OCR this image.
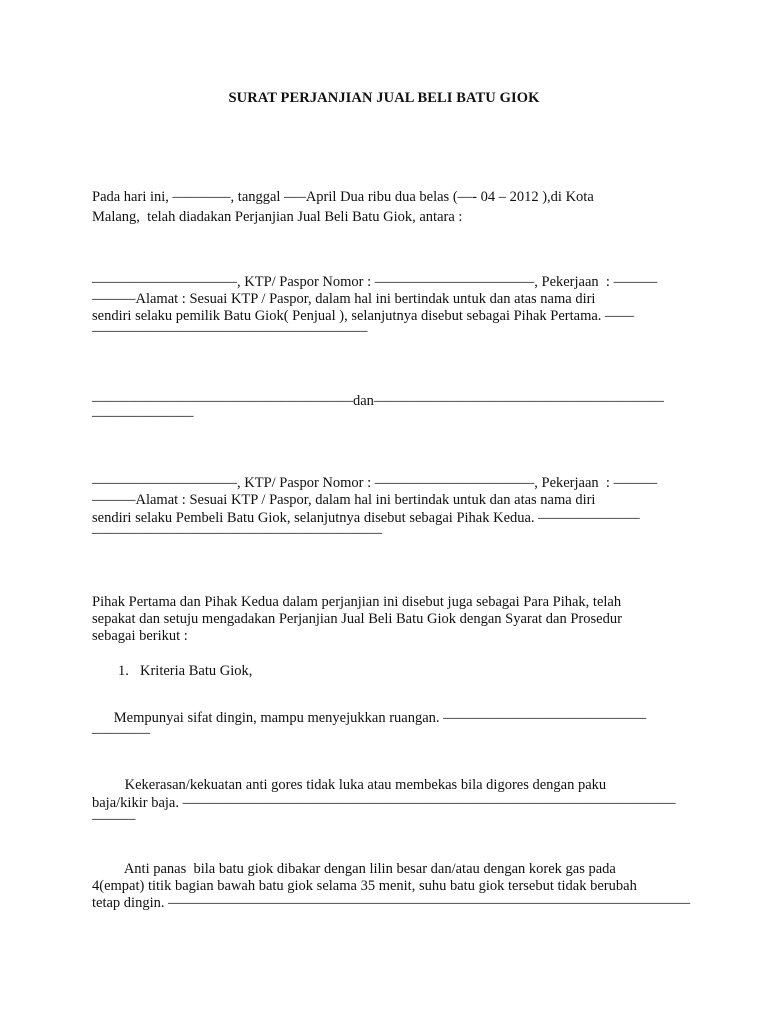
SURAT PERJANJIAN JUAL BELI BATU GIOK
Pada hari ini, ————, tanggal –—April Dua ribu dua belas (—- 04 – 2012 ),di Kota
Malang,  telah diadakan Perjanjian Jual Beli Batu Giok, antara :
——————————, KTP/ Paspor Nomor : ———————————, Pekerjaan  : ———
———Alamat : Sesuai KTP / Paspor, dalam hal ini bertindak untuk dan atas nama diri
sendiri selaku pemilik Batu Giok( Penjual ), selanjutnya disebut sebagai Pihak Pertama. ——
———————————————————
——————————————————dan————————————————————
———————
——————————, KTP/ Paspor Nomor : ———————————, Pekerjaan  : ———
———Alamat : Sesuai KTP / Paspor, dalam hal ini bertindak untuk dan atas nama diri
sendiri selaku Pembeli Batu Giok, selanjutnya disebut sebagai Pihak Kedua. ———————
————————————————————
Pihak Pertama dan Pihak Kedua dalam perjanjian ini disebut juga sebagai Para Pihak, telah
sepakat dan setuju mengadakan Perjanjian Jual Beli Batu Giok dengan Syarat dan Prosedur
sebagai berikut :
1. Kriteria Batu Giok,
Mempunyai sifat dingin, mampu menyejukkan ruangan. ——————————————
————
Kekerasan/kekuatan anti gores tidak luka atau membekas bila digores dengan paku
baja/kikir baja. ——————————————————————————————————
———
Anti panas  bila batu giok dibakar dengan lilin besar dan/atau dengan korek gas pada
4(empat) titik bagian bawah batu giok selama 35 menit, suhu batu giok tersebut tidak berubah
tetap dingin. ————————————————————————————————————
